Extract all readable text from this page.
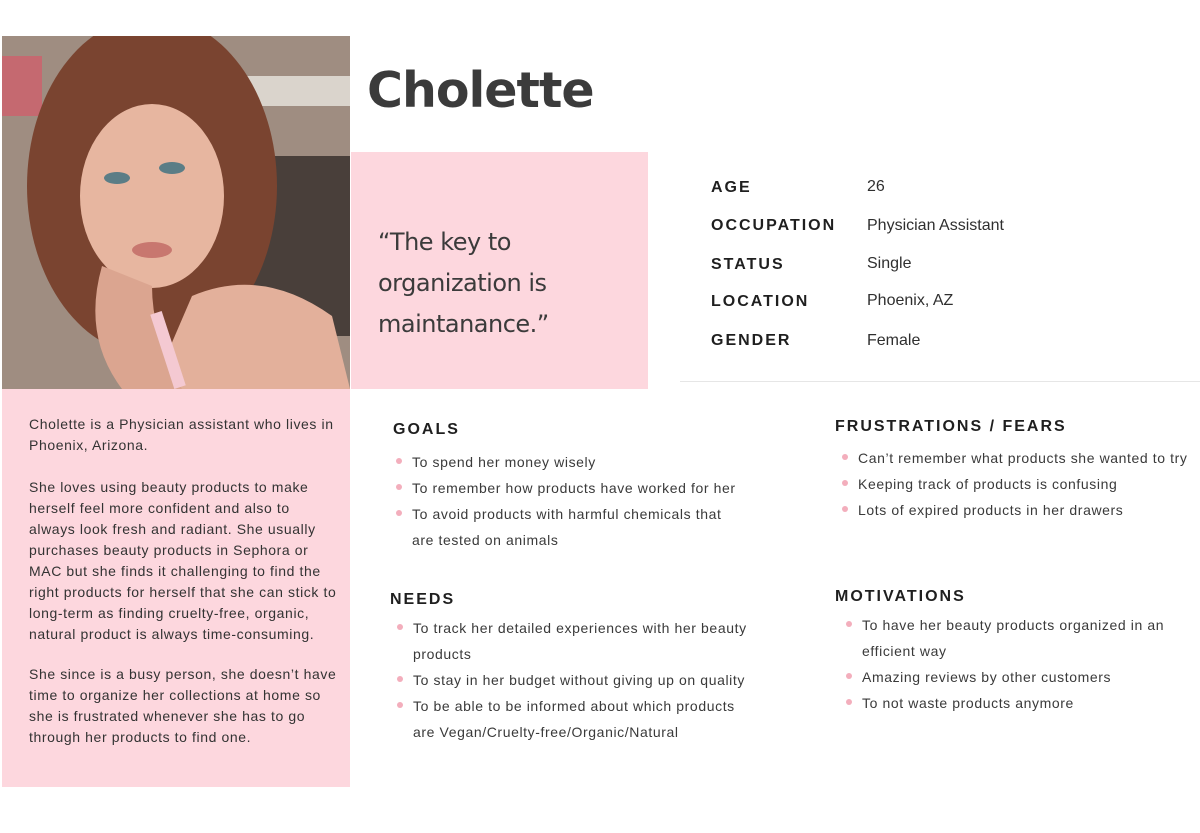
Cholette
“The key to organization is maintanance.”
AGE	26
OCCUPATION Physician Assistant
STATUS	Single
LOCATION	Phoenix, AZ
GENDER	Female

Cholette is a Physician assistant who lives in Phoenix, Arizona.

She loves using beauty products to make herself feel more confident and also to always look fresh and radiant. She usually purchases beauty products in Sephora or MAC but she finds it challenging to find the right products for herself that she can stick to long-term as finding cruelty-free, organic, natural product is always time-consuming.

She since is a busy person, she doesn’t have time to organize her collections at home so she is frustrated whenever she has to go through her products to find one.

GOALS
To spend her money wisely
To remember how products have worked for her
To avoid products with harmful chemicals that are tested on animals
NEEDS
To track her detailed experiences with her beauty products
To stay in her budget without giving up on quality
To be able to be informed about which products are Vegan/Cruelty-free/Organic/Natural
FRUSTRATIONS / FEARS
Can’t remember what products she wanted to try
Keeping track of products is confusing
Lots of expired products in her drawers
MOTIVATIONS
To have her beauty products organized in an efficient way
Amazing reviews by other customers
To not waste products anymore
